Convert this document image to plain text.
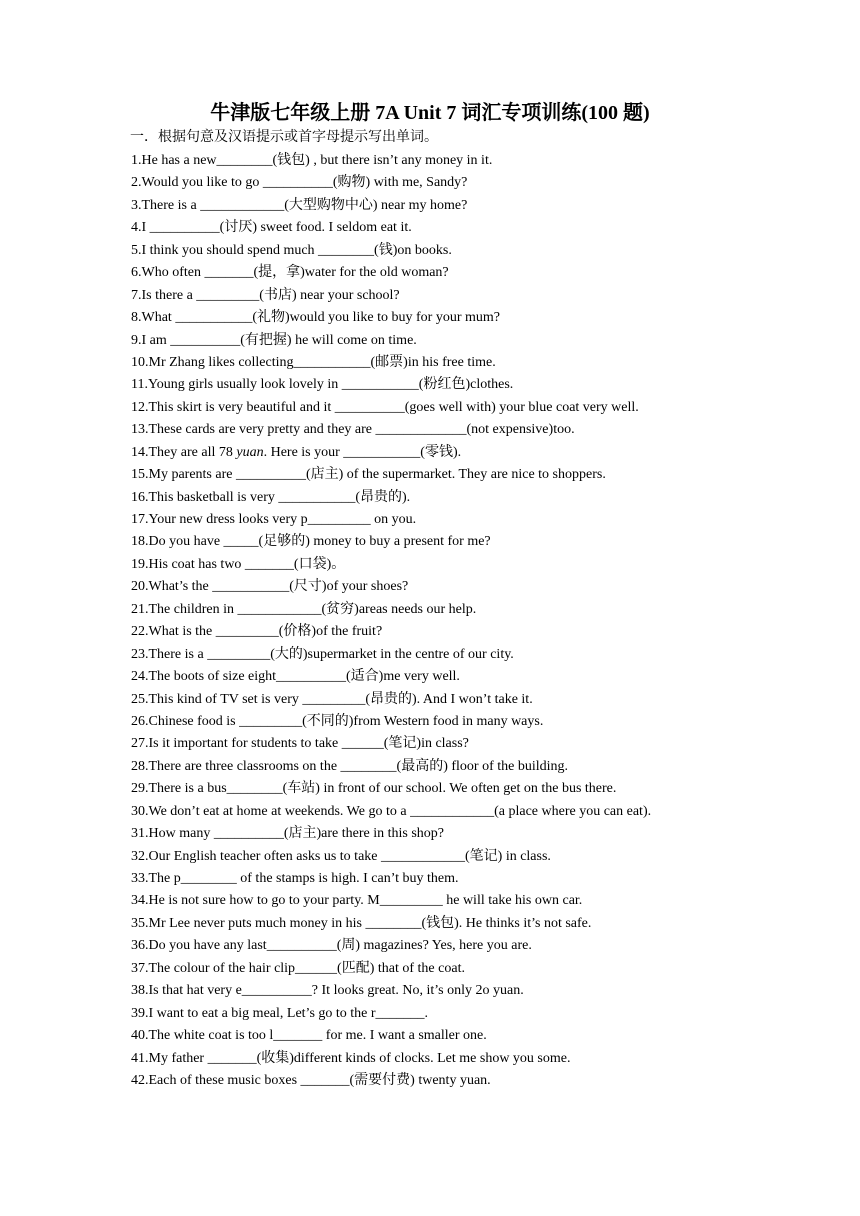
牛津版七年级上册 7A Unit 7 词汇专项训练(100 题)
一．根据句意及汉语提示或首字母提示写出单词。
1.He has a new________(钱包) , but there isn’t any money in it.
2.Would you like to go __________(购物) with me, Sandy?
3.There is a ____________(大型购物中心) near my home?
4.I __________(讨厌) sweet food. I seldom eat it.
5.I think you should spend much ________(钱)on books.
6.Who often _______(提，拿)water for the old woman?
7.Is there a _________(书店) near your school?
8.What ___________(礼物)would you like to buy for your mum?
9.I am __________(有把握) he will come on time.
10.Mr Zhang likes collecting___________(邮票)in his free time.
11.Young girls usually look lovely in ___________(粉红色)clothes.
12.This skirt is very beautiful and it __________(goes well with) your blue coat very well.
13.These cards are very pretty and they are _____________(not expensive)too.
14.They are all 78 yuan. Here is your ___________(零钱).
15.My parents are __________(店主) of the supermarket. They are nice to shoppers.
16.This basketball is very ___________(昂贵的).
17.Your new dress looks very p_________ on you.
18.Do you have _____(足够的) money to buy a present for me?
19.His coat has two _______(口袋)。
20.What’s the ___________(尺寸)of your shoes?
21.The children in ____________(贫穷)areas needs our help.
22.What is the _________(价格)of the fruit?
23.There is a _________(大的)supermarket in the centre of our city.
24.The boots of size eight__________(适合)me very well.
25.This kind of TV set is very _________(昂贵的). And I won’t take it.
26.Chinese food is _________(不同的)from Western food in many ways.
27.Is it important for students to take ______(笔记)in class?
28.There are three classrooms on the ________(最高的) floor of the building.
29.There is a bus________(车站) in front of our school. We often get on the bus there.
30.We don’t eat at home at weekends. We go to a ____________(a place where you can eat).
31.How many __________(店主)are there in this shop?
32.Our English teacher often asks us to take ____________(笔记) in class.
33.The p________ of the stamps is high. I can’t buy them.
34.He is not sure how to go to your party. M_________ he will take his own car.
35.Mr Lee never puts much money in his ________(钱包). He thinks it’s not safe.
36.Do you have any last__________(周) magazines? Yes, here you are.
37.The colour of the hair clip______(匹配) that of the coat.
38.Is that hat very e__________? It looks great. No, it’s only 2o yuan.
39.I want to eat a big meal, Let’s go to the r_______.
40.The white coat is too l_______ for me. I want a smaller one.
41.My father _______(收集)different kinds of clocks. Let me show you some.
42.Each of these music boxes _______(需要付费) twenty yuan.
